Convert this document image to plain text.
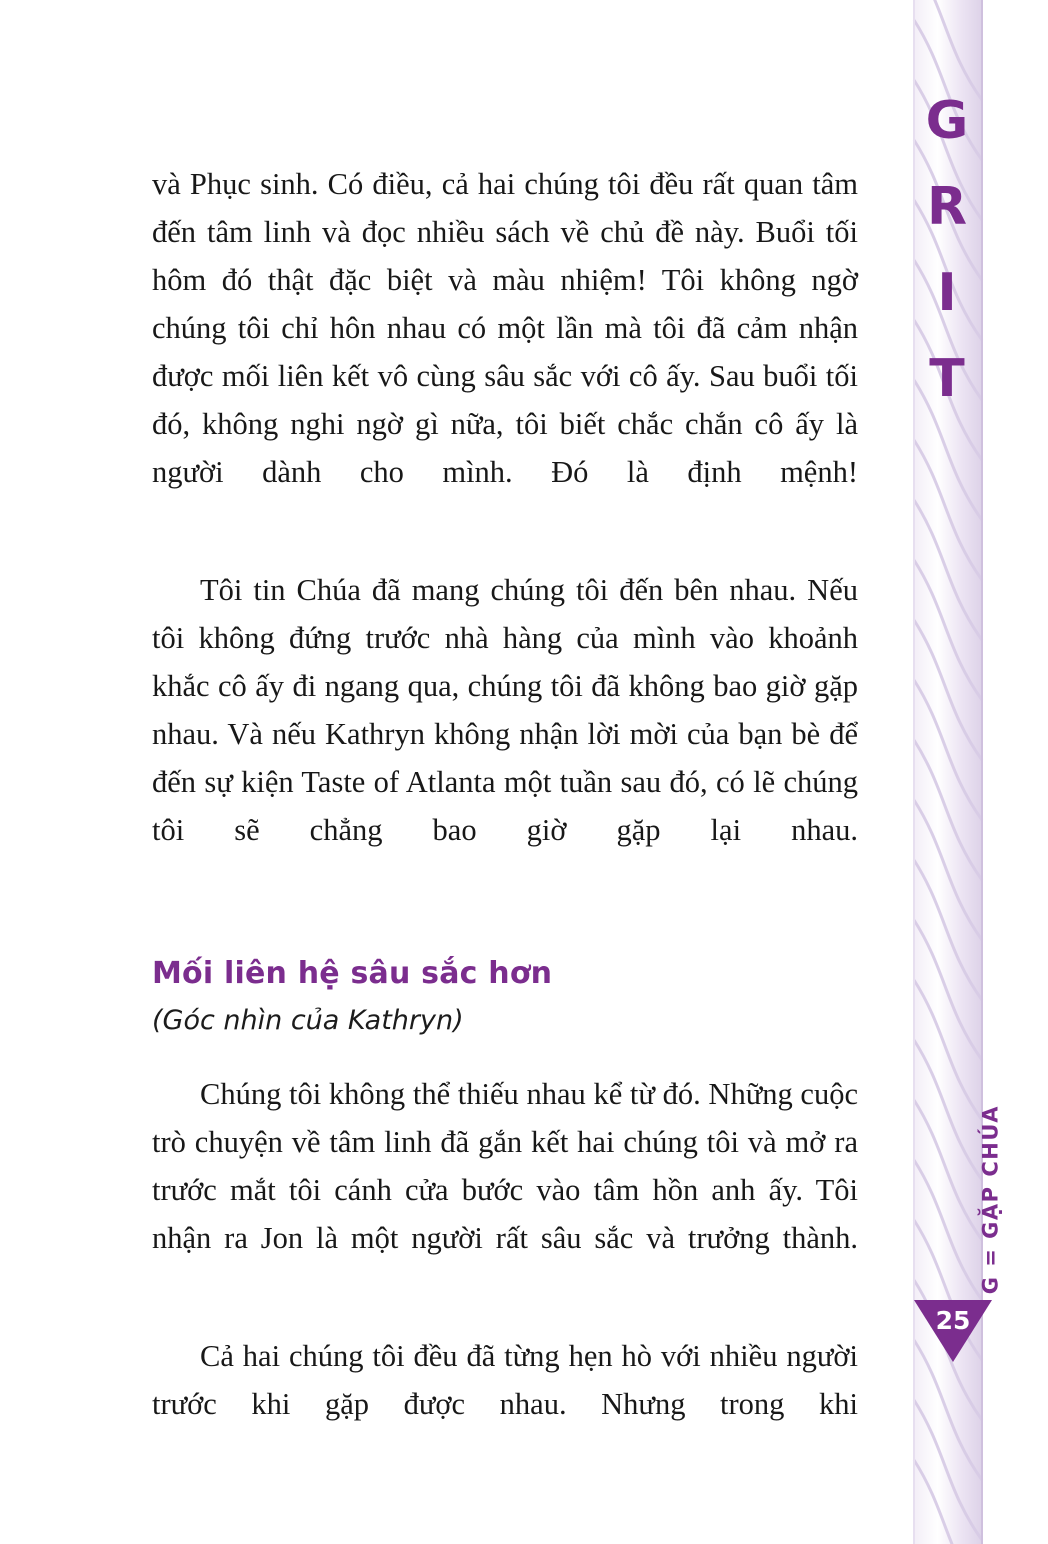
G
R
I
T
G = GẶP CHÚA
25

và Phục sinh. Có điều, cả hai chúng tôi đều rất quan tâm đến tâm linh và đọc nhiều sách về chủ đề này. Buổi tối hôm đó thật đặc biệt và màu nhiệm! Tôi không ngờ chúng tôi chỉ hôn nhau có một lần mà tôi đã cảm nhận được mối liên kết vô cùng sâu sắc với cô ấy. Sau buổi tối đó, không nghi ngờ gì nữa, tôi biết chắc chắn cô ấy là người dành cho mình. Đó là định mệnh!

Tôi tin Chúa đã mang chúng tôi đến bên nhau. Nếu tôi không đứng trước nhà hàng của mình vào khoảnh khắc cô ấy đi ngang qua, chúng tôi đã không bao giờ gặp nhau. Và nếu Kathryn không nhận lời mời của bạn bè để đến sự kiện Taste of Atlanta một tuần sau đó, có lẽ chúng tôi sẽ chẳng bao giờ gặp lại nhau.

Mối liên hệ sâu sắc hơn
(Góc nhìn của Kathryn)

Chúng tôi không thể thiếu nhau kể từ đó. Những cuộc trò chuyện về tâm linh đã gắn kết hai chúng tôi và mở ra trước mắt tôi cánh cửa bước vào tâm hồn anh ấy. Tôi nhận ra Jon là một người rất sâu sắc và trưởng thành.

Cả hai chúng tôi đều đã từng hẹn hò với nhiều người trước khi gặp được nhau. Nhưng trong khi
